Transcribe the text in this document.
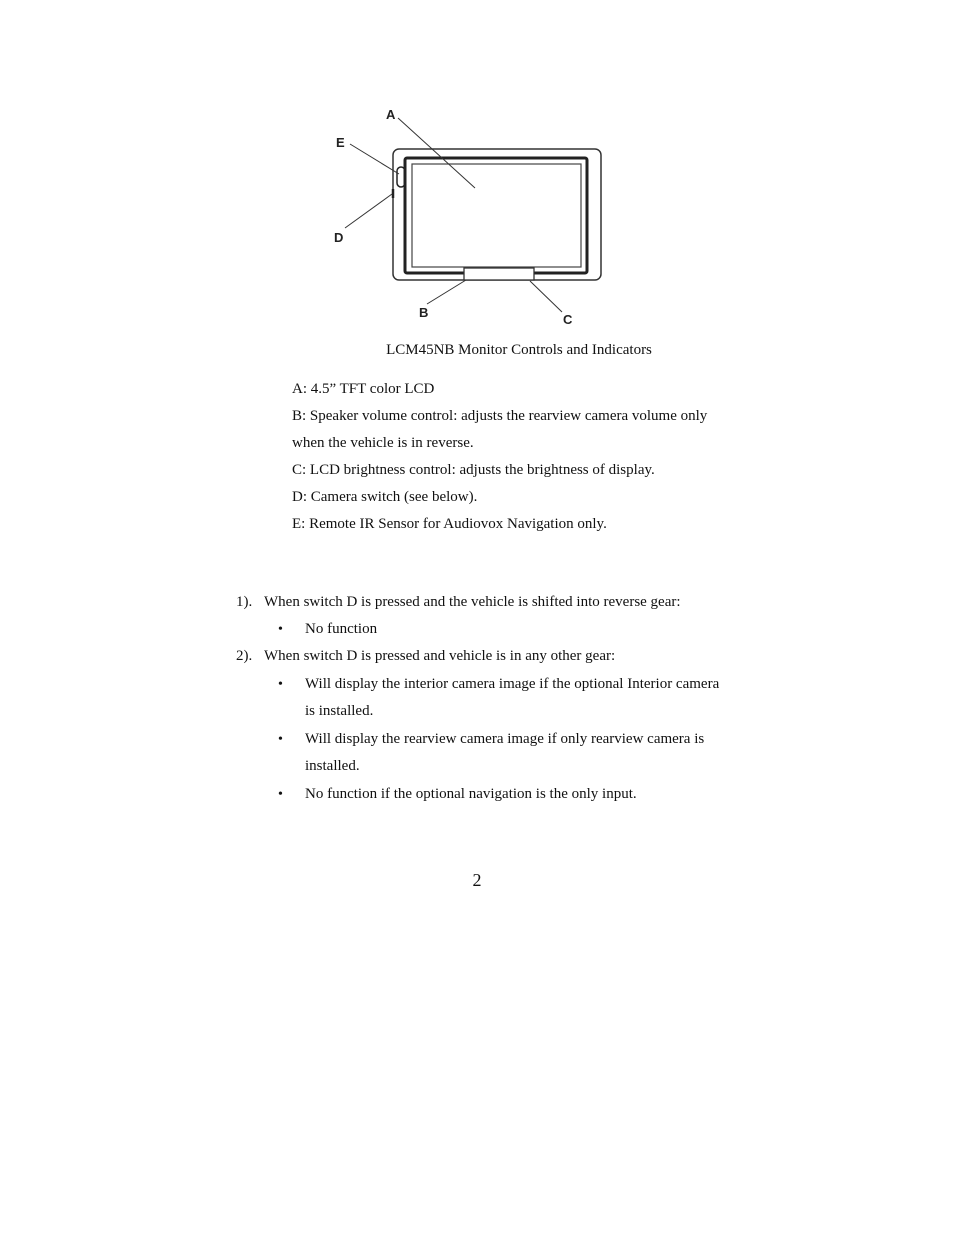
A
E
D
B	C
LCM45NB Monitor Controls and Indicators
A: 4.5” TFT color LCD
B: Speaker volume control: adjusts the rearview camera volume only when the vehicle is in reverse.
C: LCD brightness control: adjusts the brightness of display.
D: Camera switch (see below).
E: Remote IR Sensor for Audiovox Navigation only.
1). When switch D is pressed and the vehicle is shifted into reverse gear:
•	No function
2). When switch D is pressed and vehicle is in any other gear:
•	Will display the interior camera image if the optional Interior camera is installed.
•	Will display the rearview camera image if only rearview camera is installed.
•	No function if the optional navigation is the only input.
2
